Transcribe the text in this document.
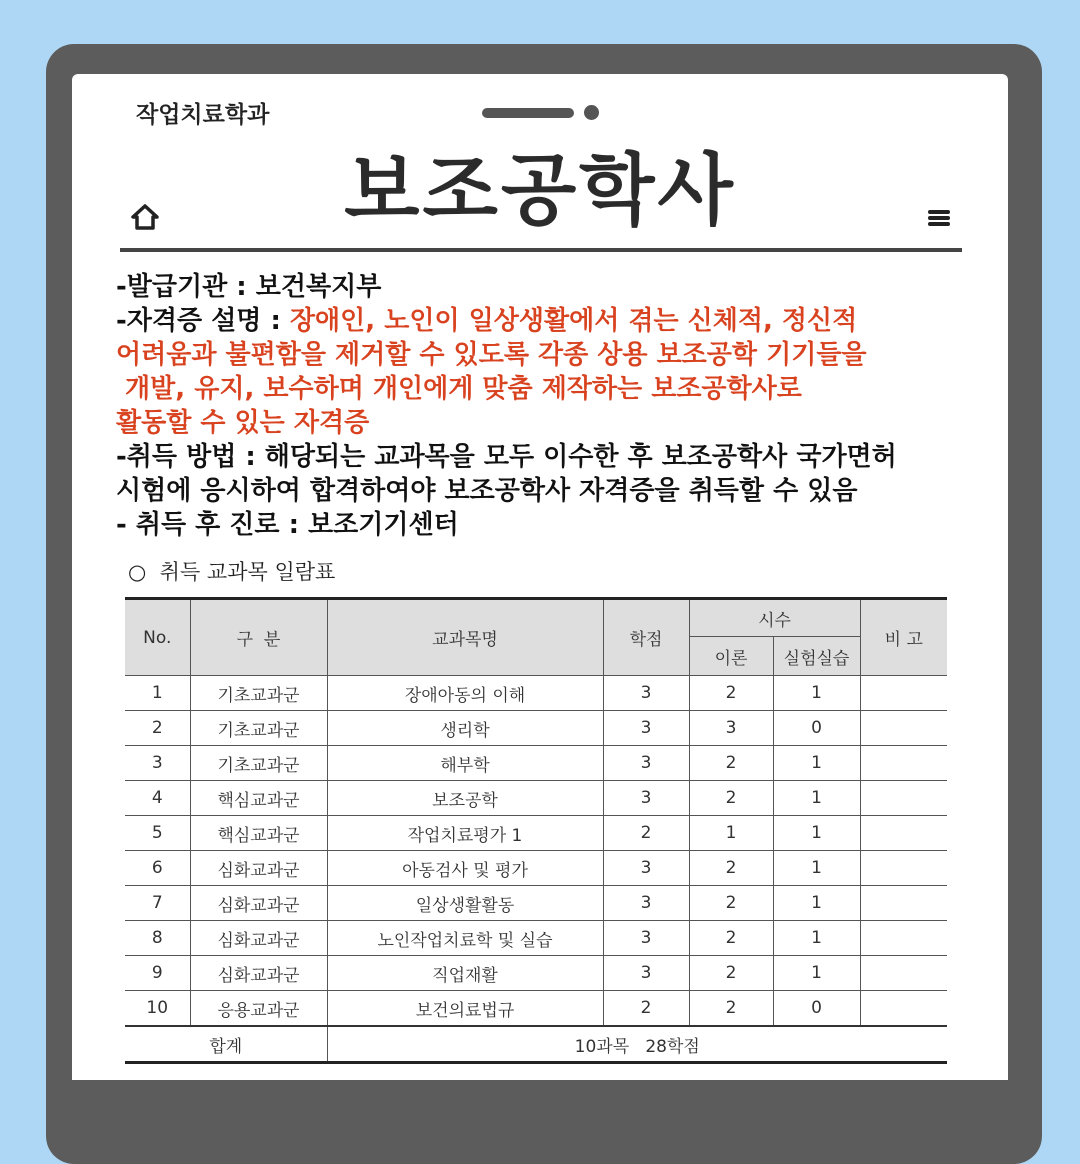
작업치료학과
보조공학사

-발급기관 : 보건복지부

-자격증 설명 : 장애인, 노인이 일상생활에서 겪는 신체적, 정신적

어려움과 불편함을 제거할 수 있도록 각종 상용 보조공학 기기들을

개발, 유지, 보수하며 개인에게 맞춤 제작하는 보조공학사로

활동할 수 있는 자격증

-취득 방법 : 해당되는 교과목을 모두 이수한 후 보조공학사 국가면허

시험에 응시하여 합격하여야 보조공학사 자격증을 취득할 수 있음

- 취득 후 진로 : 보조기기센터

○  취득 교과목 일람표
No.	구  분	교과목명	학점	시수		비 고
				이론	실험실습	
1	기초교과군	장애아동의 이해	3	2	1	
2	기초교과군	생리학	3	3	0	
3	기초교과군	해부학	3	2	1	
4	핵심교과군	보조공학	3	2	1	
5	핵심교과군	작업치료평가 1	2	1	1	
6	심화교과군	아동검사 및 평가	3	2	1	
7	심화교과군	일상생활활동	3	2	1	
8	심화교과군	노인작업치료학 및 실습	3	2	1	
9	심화교과군	직업재활	3	2	1	
10	응용교과군	보건의료법규	2	2	0	
합계		10과목   28학점				
